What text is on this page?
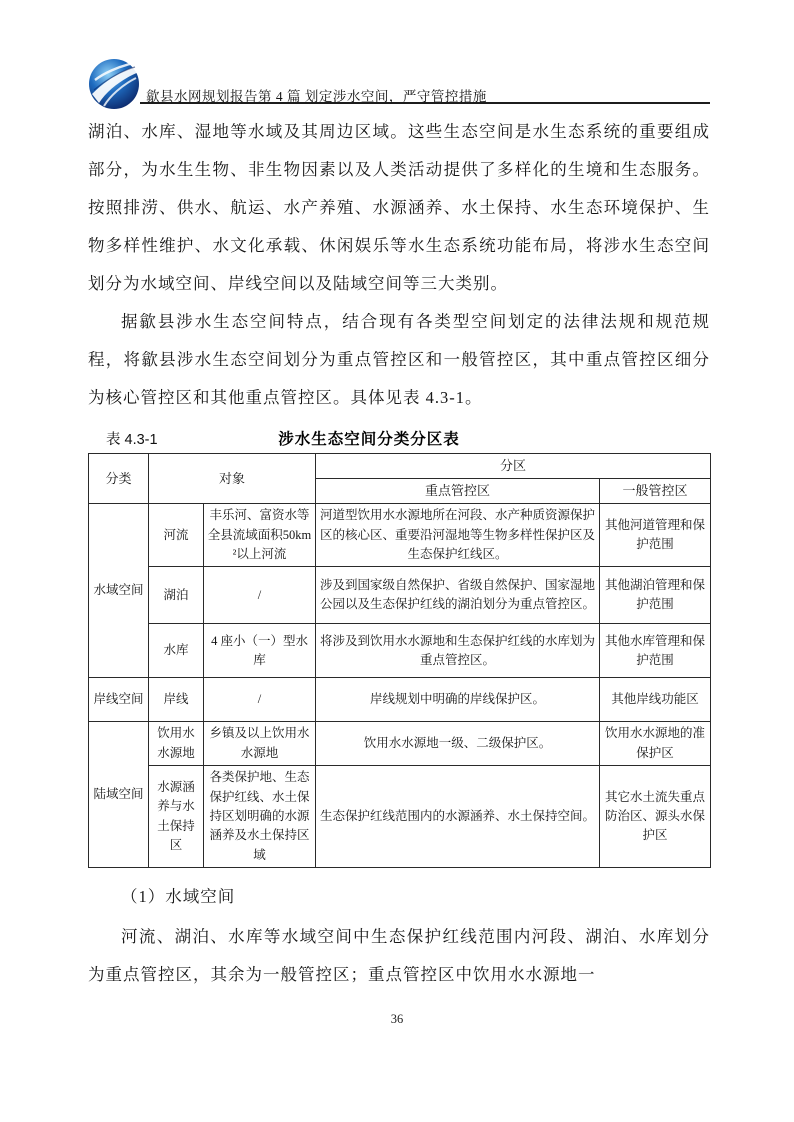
歙县水网规划报告第 4 篇 划定涉水空间，严守管控措施

湖泊、水库、湿地等水域及其周边区域。这些生态空间是水生态系统的重要组成部分，为水生生物、非生物因素以及人类活动提供了多样化的生境和生态服务。按照排涝、供水、航运、水产养殖、水源涵养、水土保持、水生态环境保护、生物多样性维护、水文化承载、休闲娱乐等水生态系统功能布局，将涉水生态空间划分为水域空间、岸线空间以及陆域空间等三大类别。

据歙县涉水生态空间特点，结合现有各类型空间划定的法律法规和规范规程，将歙县涉水生态空间划分为重点管控区和一般管控区，其中重点管控区细分为核心管控区和其他重点管控区。具体见表 4.3-1。

表 4.3-1	涉水生态空间分类分区表
分类	对象		分区	
			重点管控区	一般管控区
水域空间	河流	丰乐河、富资水等全县流域面积50km²以上河流	河道型饮用水水源地所在河段、水产种质资源保护区的核心区、重要沿河湿地等生物多样性保护区及生态保护红线区。	其他河道管理和保护范围
	湖泊	/	涉及到国家级自然保护、省级自然保护、国家湿地公园以及生态保护红线的湖泊划分为重点管控区。	其他湖泊管理和保护范围
	水库	4 座小（一）型水库	将涉及到饮用水水源地和生态保护红线的水库划为重点管控区。	其他水库管理和保护范围
岸线空间	岸线	/	岸线规划中明确的岸线保护区。	其他岸线功能区
陆域空间	饮用水水源地	乡镇及以上饮用水水源地	饮用水水源地一级、二级保护区。	饮用水水源地的准保护区
	水源涵养与水土保持区	各类保护地、生态保护红线、水土保持区划明确的水源涵养及水土保持区域	生态保护红线范围内的水源涵养、水土保持空间。	其它水土流失重点防治区、源头水保护区

（1）水域空间

河流、湖泊、水库等水域空间中生态保护红线范围内河段、湖泊、水库划分为重点管控区，其余为一般管控区；重点管控区中饮用水水源地一

36
